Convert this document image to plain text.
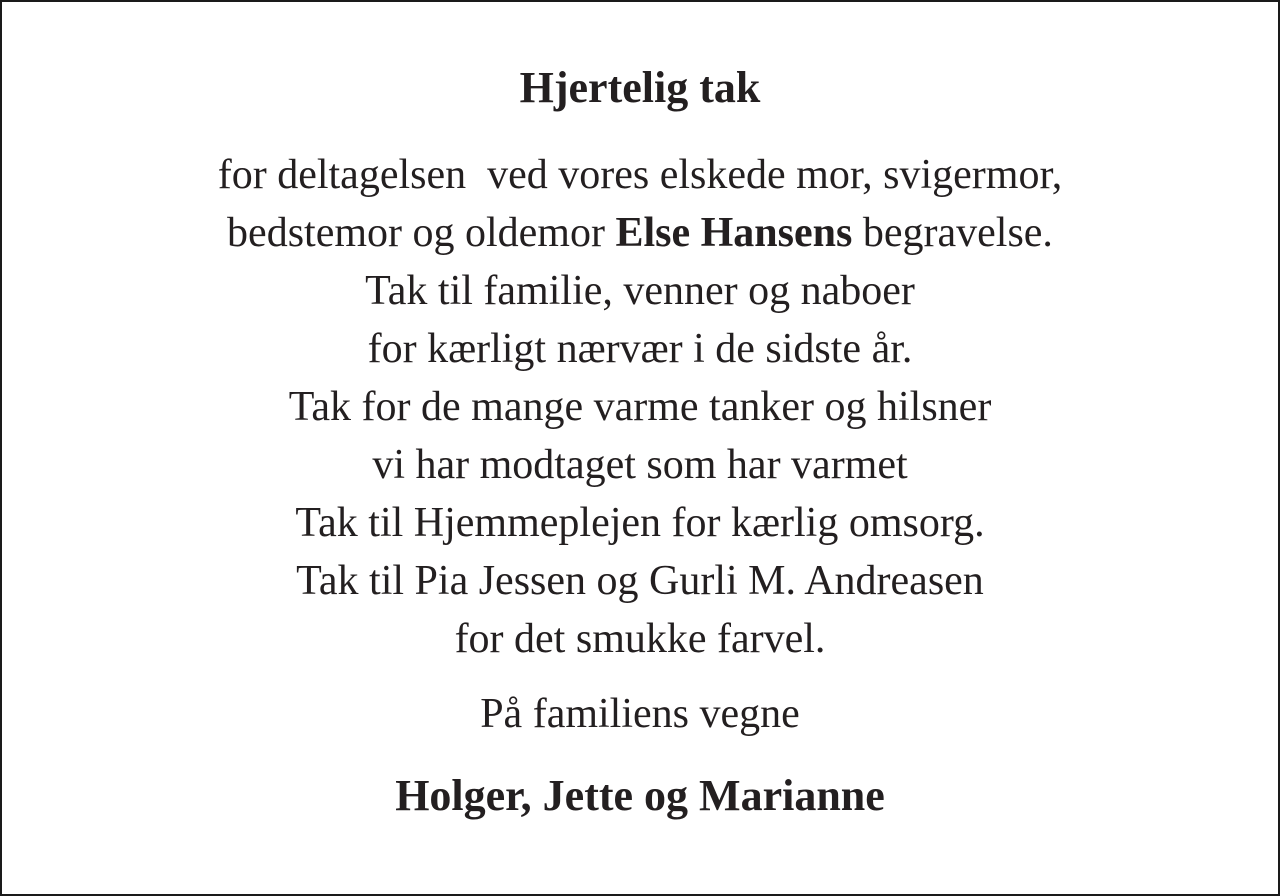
Hjertelig tak
for deltagelsen  ved vores elskede mor, svigermor,
bedstemor og oldemor Else Hansens begravelse.
Tak til familie, venner og naboer
for kærligt nærvær i de sidste år.
Tak for de mange varme tanker og hilsner
vi har modtaget som har varmet
Tak til Hjemmeplejen for kærlig omsorg.
Tak til Pia Jessen og Gurli M. Andreasen
for det smukke farvel.

På familiens vegne

Holger, Jette og Marianne
